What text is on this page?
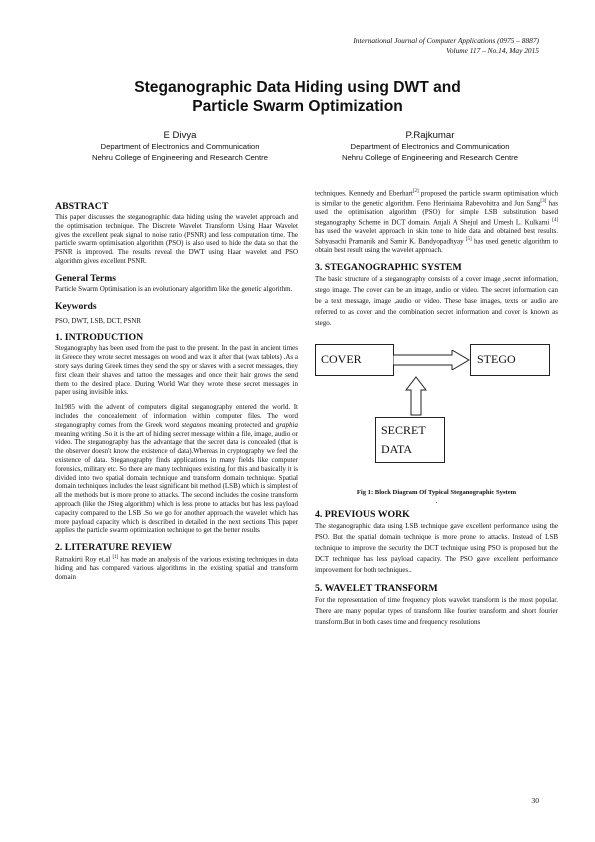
International Journal of Computer Applications (0975 – 8887)
Volume 117 – No.14, May 2015
Steganographic Data Hiding using DWT and
Particle Swarm Optimization
E Divya
Department of Electronics and Communication
Nehru College of Engineering and Research Centre
P.Rajkumar
Department of Electronics and Communication
Nehru College of Engineering and Research Centre
ABSTRACT

This paper discusses the steganographic data hiding using the wavelet approach and the optimisation technique. The Discrete Wavelet Transform Using Haar Wavelet gives the excellent peak signal to noise ratio (PSNR) and less computation time. The particle swarm optimisation algorithm (PSO) is also used to hide the data so that the PSNR is improved. The results reveal the DWT using Haar wavelet and PSO algorithm gives excellent PSNR.

General Terms

Particle Swarm Optimisation is an evolutionary algorithm like the genetic algorithm.

Keywords

PSO, DWT, LSB, DCT, PSNR

1. INTRODUCTION

Steganography has been used from the past to the present. In the past in ancient times in Greece they wrote secret messages on wood and wax it after that (wax tablets) .As a story says during Greek times they send the spy or slaves with a secret messages, they first clean their shaves and tattoo the messages and once their hair grows the send them to the desired place. During World War they wrote these secret messages in paper using invisible inks.

In1985 with the advent of computers digital steganography entered the world. It includes the concealement of information within computer files. The word steganography comes from the Greek word steganos meaning protected and graphia meaning writing .So it is the art of hiding secret message within a file, image, audio or video. The steganography has the advantage that the secret data is concealed (that is the observer doesn't know the existence of data).Whereas in cryptography we feel the existence of data. Steganography finds applications in many fields like computer forensics, military etc. So there are many techniques existing for this and basically it is divided into two spatial domain technique and transform domain technique. Spatial domain techniques includes the least significant bit method (LSB) which is simplest of all the methods but is more prone to attacks. The second includes the cosine transform approach (like the JSteg algorithm) which is less prone to attacks but has less payload capacity compared to the LSB .So we go for another approach the wavelet which has more payload capacity which is described in detailed in the next sections This paper applies the particle swarm optimization technique to get the better results

2. LITERATURE REVIEW

Ratnakirti Roy et.al [1] has made an analysis of the various existing techniques in data hiding and has compared various algorithms in the existing spatial and transform domain

techniques. Kennedy and Eberhart[2] proposed the particle swarm optimisation which is similar to the genetic algorithm. Feno Heriniaina Rabevohitra and Jun Sang[3] has used the optimisation algorithm (PSO) for simple LSB substitution based steganography Scheme in DCT domain. Anjali A Shejul and Umesh L. Kulkarni [4] has used the wavelet approach in skin tone to hide data and obtained best results. Sabyasachi Pramanik and Samir K. Bandyopadhyay [5] has used genetic algorithm to obtain best result using the wavelet approach.

3. STEGANOGRAPHIC SYSTEM

The basic structure of a steganography consists of a cover image ,secret information, stego image. The cover can be an image, audio or video. The secret information can be a text message, image ,audio or video. These base images, texts or audio are referred to as cover and the combination secret information and cover is known as stego.

COVER	STEGO
SECRET
DATA
Fig 1: Block Diagram Of Typical Steganographic System
.
4. PREVIOUS WORK

The steganographic data using LSB technique gave excellent performance using the PSO. But the spatial domain technique is more prone to attacks. Instead of LSB technique to improve the security the DCT technique using PSO is proposed but the DCT technique has less payload capacity. The PSO gave excellent performance improvement for both techniques..

5. WAVELET TRANSFORM

For the representation of time frequency plots wavelet transform is the most popular. There are many popular types of transform like fourier transform and short fourier transform.But in both cases time and frequency resolutions

30
